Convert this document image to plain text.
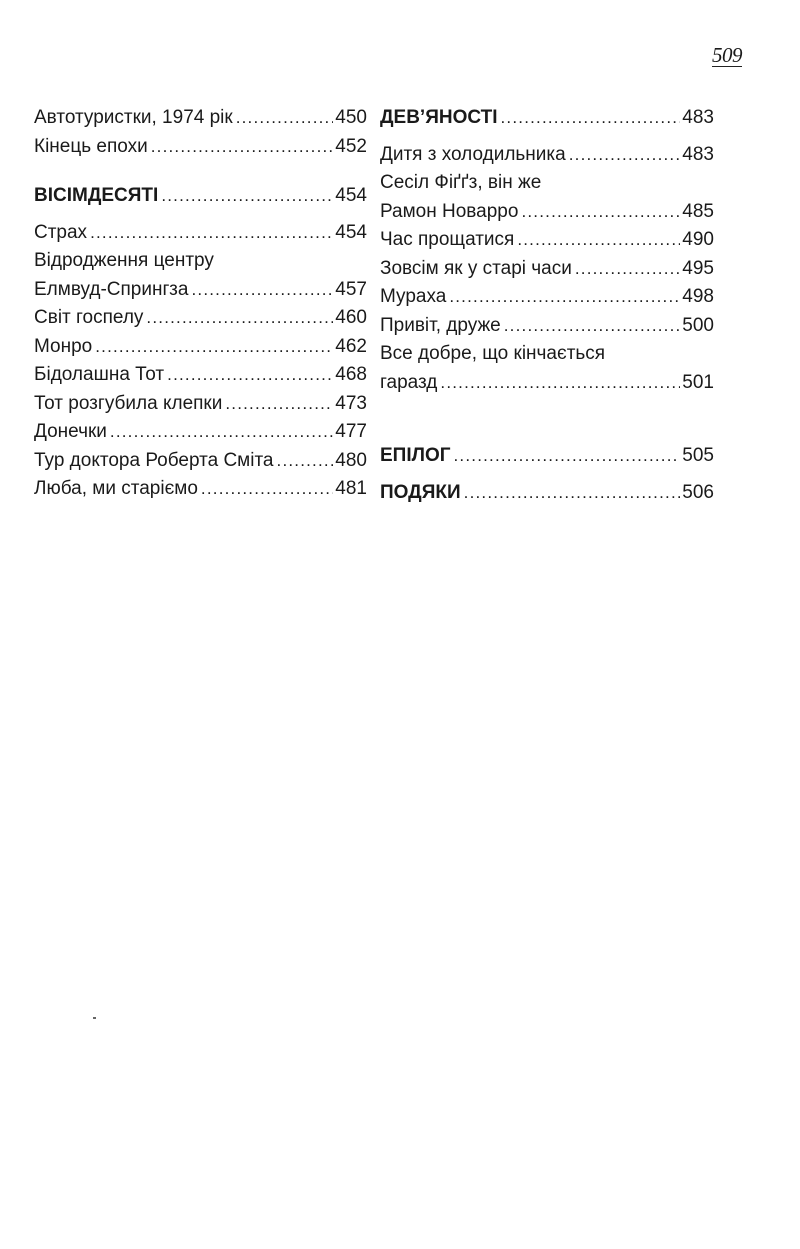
509
Автотуристки, 1974 рік .....	450
Кінець епохи .....	452
ВІСІМДЕСЯТІ .....	454
Страх .....	454
Відродження центру
Елмвуд-Спрингза .....	457
Світ госпелу .....	460
Монро .....	462
Бідолашна Тот .....	468
Тот розгубила клепки .....	473
Донечки .....	477
Тур доктора Роберта Сміта .....	480
Люба, ми старіємо .....	481
ДЕВ’ЯНОСТІ .....	483
Дитя з холодильника .....	483
Сесіл Фіґґз, він же
Рамон Новарро .....	485
Час прощатися .....	490
Зовсім як у старі часи .....	495
Мураха .....	498
Привіт, друже .....	500
Все добре, що кінчається
гаразд .....	501
ЕПІЛОГ .....	505
ПОДЯКИ .....	506
